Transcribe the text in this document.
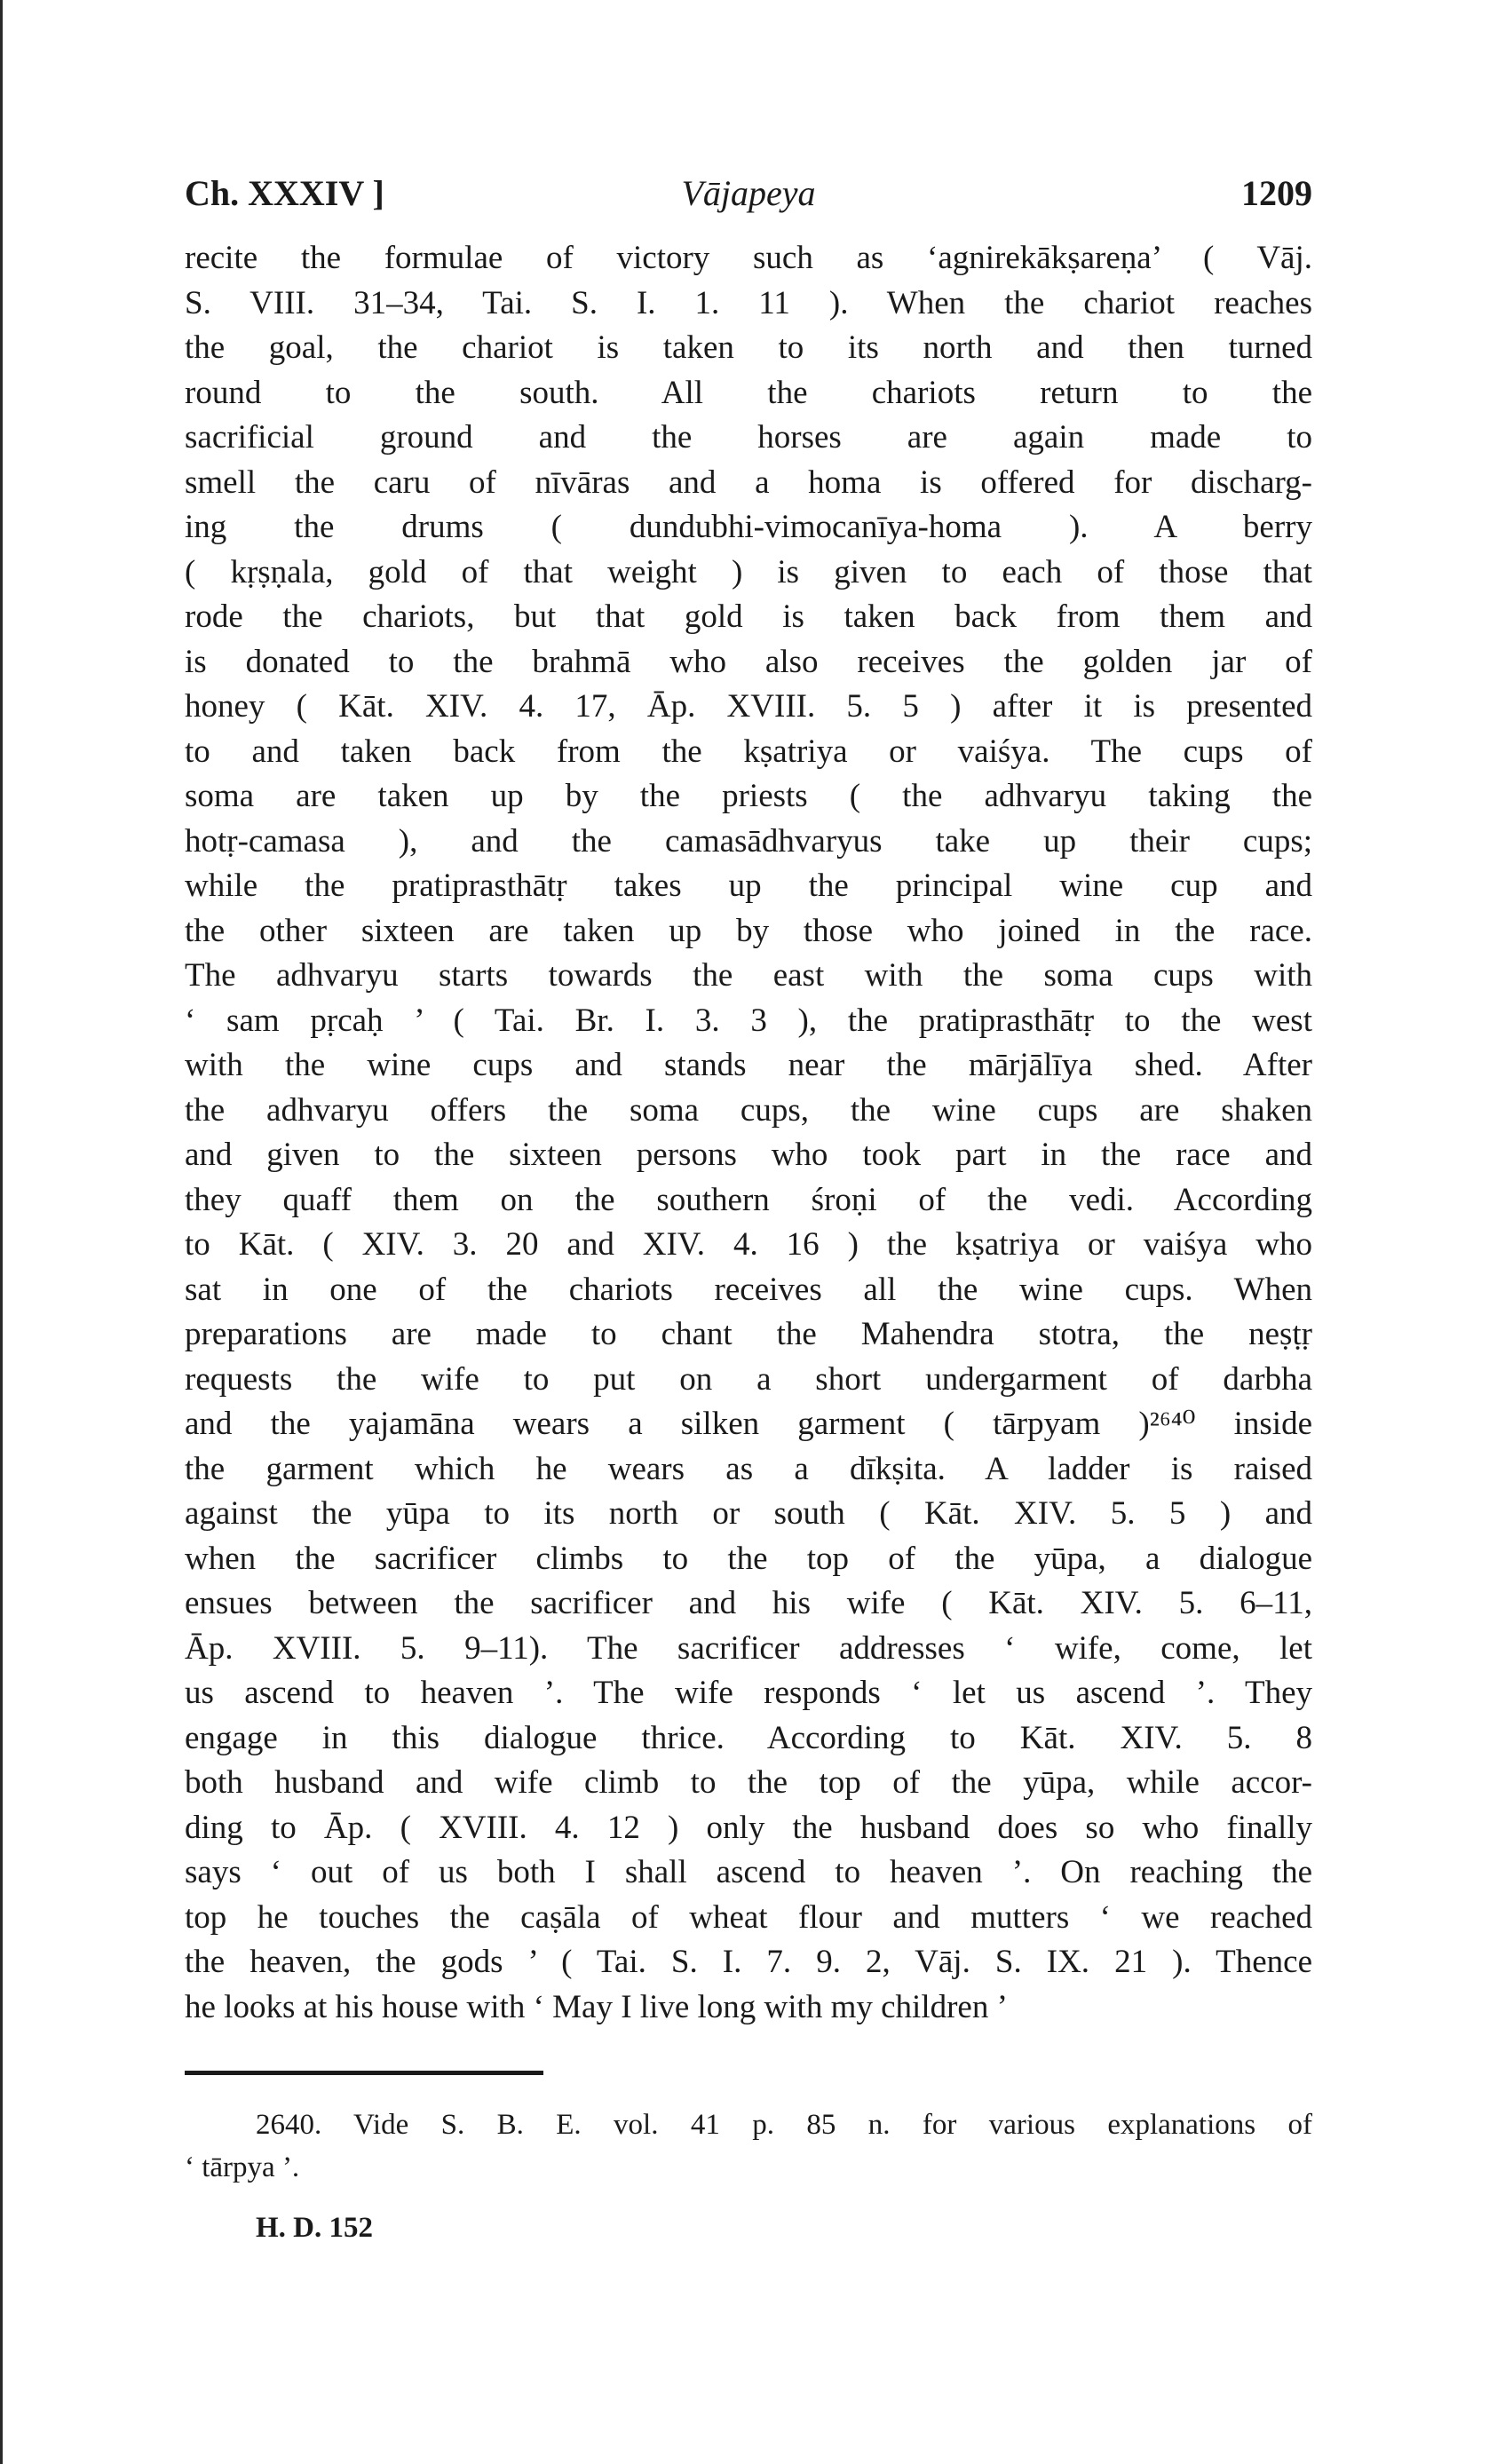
Ch. XXXIV ]	Vājapeya	1209
recite the formulae of victory such as ‘agnirekākṣareṇa’ ( Vāj.
S. VIII. 31–34, Tai. S. I. 1. 11 ). When the chariot reaches
the goal, the chariot is taken to its north and then turned
round to the south. All the chariots return to the
sacrificial ground and the horses are again made to
smell the caru of nīvāras and a homa is offered for discharg-
ing the drums ( dundubhi-vimocanīya-homa ). A berry
( kṛṣṇala, gold of that weight ) is given to each of those that
rode the chariots, but that gold is taken back from them and
is donated to the brahmā who also receives the golden jar of
honey ( Kāt. XIV. 4. 17, Āp. XVIII. 5. 5 ) after it is presented
to and taken back from the kṣatriya or vaiśya. The cups of
soma are taken up by the priests ( the adhvaryu taking the
hotṛ-camasa ), and the camasādhvaryus take up their cups;
while the pratiprasthātṛ takes up the principal wine cup and
the other sixteen are taken up by those who joined in the race.
The adhvaryu starts towards the east with the soma cups with
‘ sam pṛcaḥ ’ ( Tai. Br. I. 3. 3 ), the pratiprasthātṛ to the west
with the wine cups and stands near the mārjālīya shed. After
the adhvaryu offers the soma cups, the wine cups are shaken
and given to the sixteen persons who took part in the race and
they quaff them on the southern śroṇi of the vedi. According
to Kāt. ( XIV. 3. 20 and XIV. 4. 16 ) the kṣatriya or vaiśya who
sat in one of the chariots receives all the wine cups. When
preparations are made to chant the Mahendra stotra, the neṣṭṛ
requests the wife to put on a short undergarment of darbha
and the yajamāna wears a silken garment ( tārpyam )²⁶⁴⁰ inside
the garment which he wears as a dīkṣita. A ladder is raised
against the yūpa to its north or south ( Kāt. XIV. 5. 5 ) and
when the sacrificer climbs to the top of the yūpa, a dialogue
ensues between the sacrificer and his wife ( Kāt. XIV. 5. 6–11,
Āp. XVIII. 5. 9–11). The sacrificer addresses ‘ wife, come, let
us ascend to heaven ’. The wife responds ‘ let us ascend ’. They
engage in this dialogue thrice. According to Kāt. XIV. 5. 8
both husband and wife climb to the top of the yūpa, while accor-
ding to Āp. ( XVIII. 4. 12 ) only the husband does so who finally
says ‘ out of us both I shall ascend to heaven ’. On reaching the
top he touches the caṣāla of wheat flour and mutters ‘ we reached
the heaven, the gods ’ ( Tai. S. I. 7. 9. 2, Vāj. S. IX. 21 ). Thence
he looks at his house with ‘ May I live long with my children ’
2640. Vide S. B. E. vol. 41 p. 85 n. for various explanations of
‘ tārpya ’.
H. D. 152
